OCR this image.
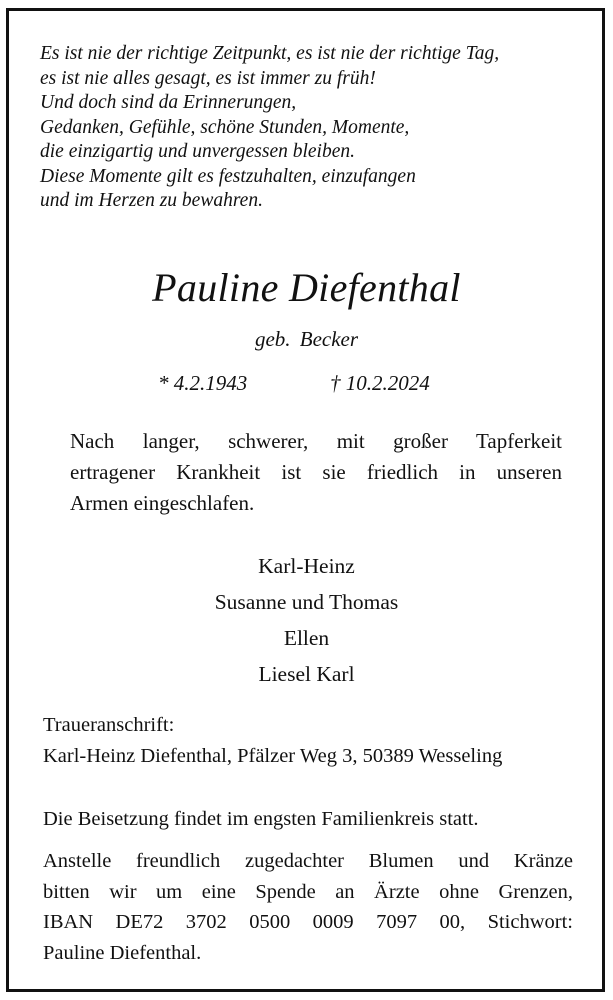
Es ist nie der richtige Zeitpunkt, es ist nie der richtige Tag,
es ist nie alles gesagt, es ist immer zu früh!
Und doch sind da Erinnerungen,
Gedanken, Gefühle, schöne Stunden, Momente,
die einzigartig und unvergessen bleiben.
Diese Momente gilt es festzuhalten, einzufangen
und im Herzen zu bewahren.
Pauline Diefenthal
geb. Becker
* 4.2.1943	† 10.2.2024
Nach langer, schwerer, mit großer Tapferkeit
ertragener Krankheit ist sie friedlich in unseren
Armen eingeschlafen.
Karl-Heinz
Susanne und Thomas
Ellen
Liesel Karl
Traueranschrift:
Karl-Heinz Diefenthal, Pfälzer Weg 3, 50389 Wesseling
Die Beisetzung findet im engsten Familienkreis statt.
Anstelle freundlich zugedachter Blumen und Kränze
bitten wir um eine Spende an Ärzte ohne Grenzen,
IBAN DE72 3702 0500 0009 7097 00, Stichwort:
Pauline Diefenthal.
